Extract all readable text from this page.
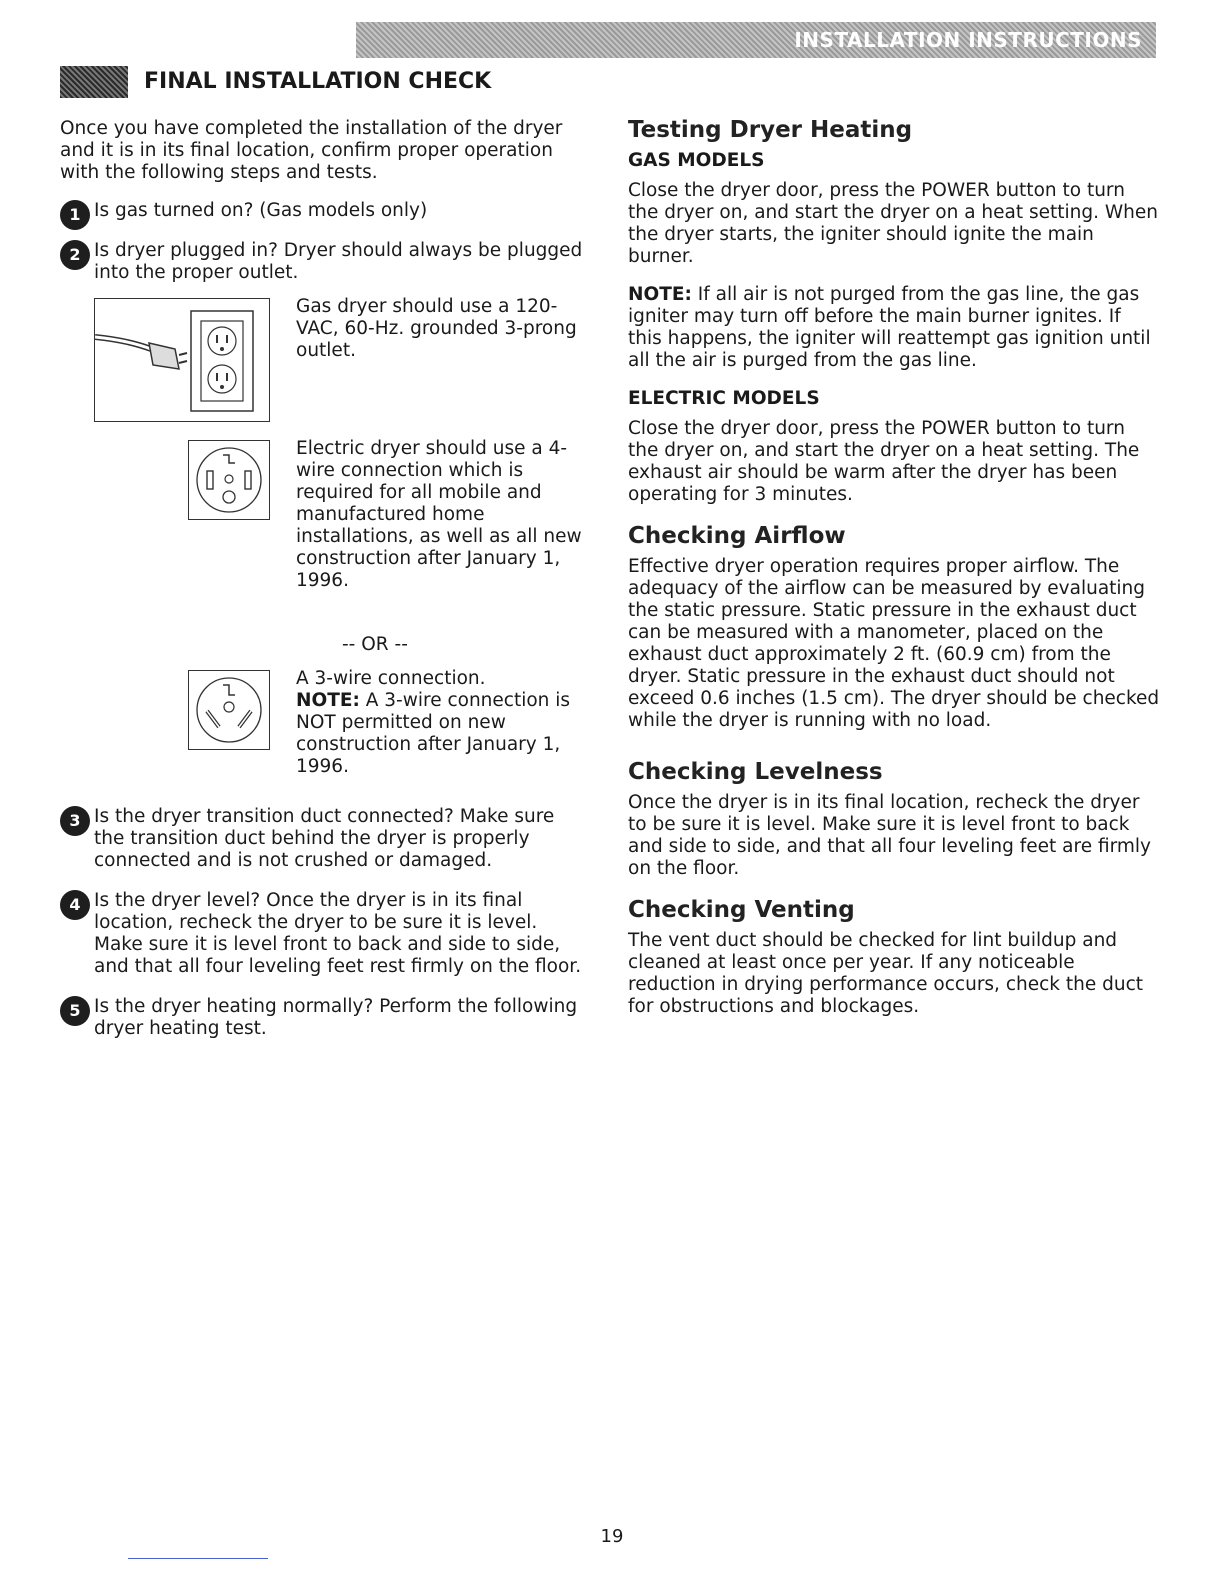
INSTALLATION INSTRUCTIONS
FINAL INSTALLATION CHECK

Once you have completed the installation of the dryer and it is in its final location, confirm proper operation with the following steps and tests.

1 Is gas turned on? (Gas models only)

2 Is dryer plugged in? Dryer should always be plugged into the proper outlet.

Gas dryer should use a 120-VAC, 60-Hz. grounded 3-prong outlet.

Electric dryer should use a 4-wire connection which is required for all mobile and manufactured home installations, as well as all new construction after January 1, 1996.

-- OR --

A 3-wire connection.

NOTE: A 3-wire connection is NOT permitted on new construction after January 1, 1996.

3 Is the dryer transition duct connected? Make sure the transition duct behind the dryer is properly connected and is not crushed or damaged.

4 Is the dryer level? Once the dryer is in its final location, recheck the dryer to be sure it is level. Make sure it is level front to back and side to side, and that all four leveling feet rest firmly on the floor.

5 Is the dryer heating normally? Perform the following dryer heating test.

Testing Dryer Heating
GAS MODELS

Close the dryer door, press the POWER button to turn the dryer on, and start the dryer on a heat setting. When the dryer starts, the igniter should ignite the main burner.

NOTE: If all air is not purged from the gas line, the gas igniter may turn off before the main burner ignites. If this happens, the igniter will reattempt gas ignition until all the air is purged from the gas line.

ELECTRIC MODELS

Close the dryer door, press the POWER button to turn the dryer on, and start the dryer on a heat setting. The exhaust air should be warm after the dryer has been operating for 3 minutes.

Checking Airflow

Effective dryer operation requires proper airflow. The adequacy of the airflow can be measured by evaluating the static pressure. Static pressure in the exhaust duct can be measured with a manometer, placed on the exhaust duct approximately 2 ft. (60.9 cm) from the dryer. Static pressure in the exhaust duct should not exceed 0.6 inches (1.5 cm). The dryer should be checked while the dryer is running with no load.

Checking Levelness

Once the dryer is in its final location, recheck the dryer to be sure it is level. Make sure it is level front to back and side to side, and that all four leveling feet are firmly on the floor.

Checking Venting

The vent duct should be checked for lint buildup and cleaned at least once per year. If any noticeable reduction in drying performance occurs, check the duct for obstructions and blockages.

19
